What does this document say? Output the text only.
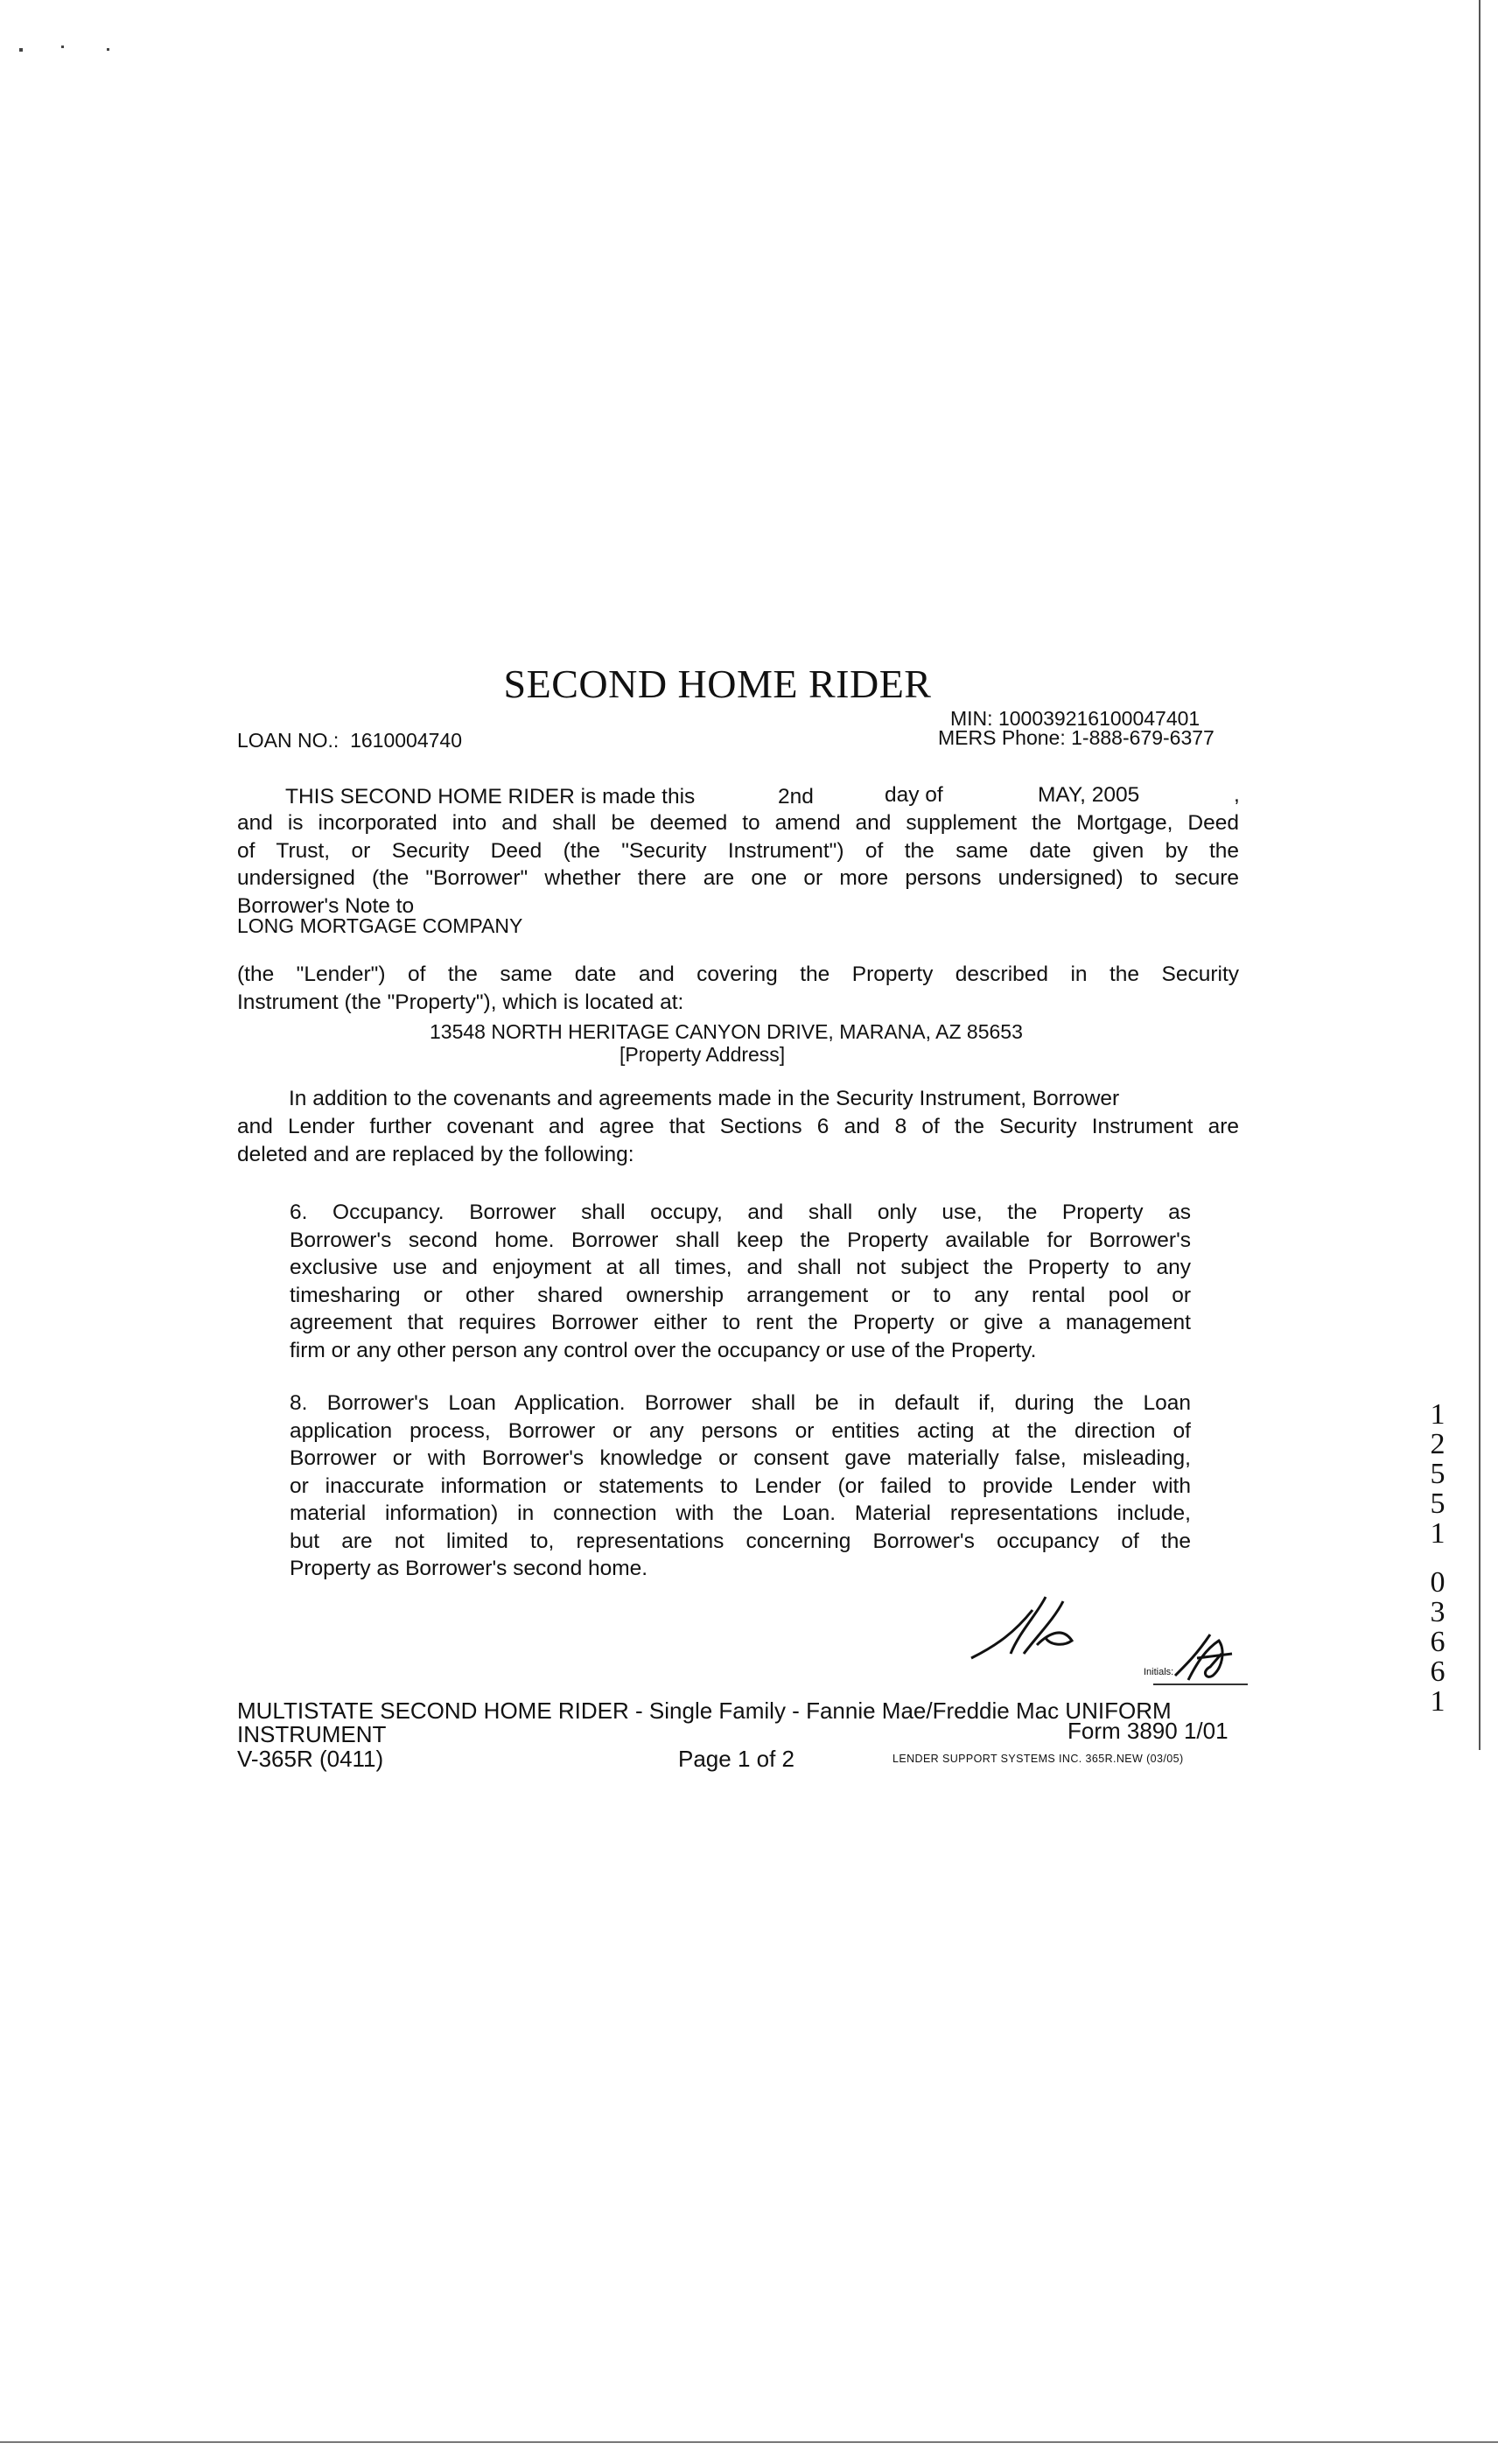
SECOND HOME RIDER
MIN: 100039216100047401
MERS Phone: 1-888-679-6377
LOAN NO.: 1610004740
THIS SECOND HOME RIDER is made this	2nd	day of	MAY, 2005	,
and is incorporated into and shall be deemed to amend and supplement the Mortgage, Deed
of Trust, or Security Deed (the "Security Instrument") of the same date given by the
undersigned (the "Borrower" whether there are one or more persons undersigned) to secure
Borrower's Note to
LONG MORTGAGE COMPANY
(the "Lender") of the same date and covering the Property described in the Security
Instrument (the "Property"), which is located at:
13548 NORTH HERITAGE CANYON DRIVE, MARANA, AZ 85653
[Property Address]
In addition to the covenants and agreements made in the Security Instrument, Borrower
and Lender further covenant and agree that Sections 6 and 8 of the Security Instrument are
deleted and are replaced by the following:
6. Occupancy. Borrower shall occupy, and shall only use, the Property as
Borrower's second home. Borrower shall keep the Property available for Borrower's
exclusive use and enjoyment at all times, and shall not subject the Property to any
timesharing or other shared ownership arrangement or to any rental pool or
agreement that requires Borrower either to rent the Property or give a management
firm or any other person any control over the occupancy or use of the Property.
8. Borrower's Loan Application. Borrower shall be in default if, during the Loan
application process, Borrower or any persons or entities acting at the direction of
Borrower or with Borrower's knowledge or consent gave materially false, misleading,
or inaccurate information or statements to Lender (or failed to provide Lender with
material information) in connection with the Loan. Material representations include,
but are not limited to, representations concerning Borrower's occupancy of the
Property as Borrower's second home.
Initials:
MULTISTATE SECOND HOME RIDER - Single Family - Fannie Mae/Freddie Mac UNIFORM
INSTRUMENT	Form 3890 1/01
V-365R (0411)	Page 1 of 2	LENDER SUPPORT SYSTEMS INC. 365R.NEW (03/05)
1
2
5
5
1
0
3
6
6
1
